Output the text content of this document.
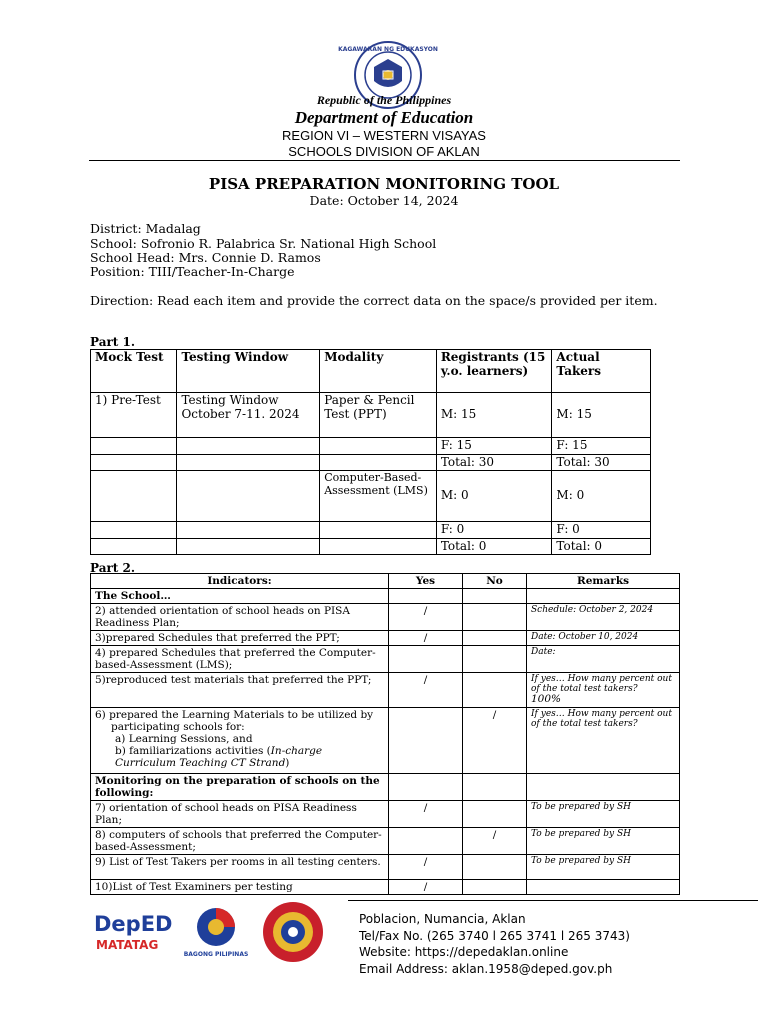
KAGAWARAN NG EDUKASYON
Republic of the Philippines
Department of Education
REGION VI – WESTERN VISAYAS
SCHOOLS DIVISION OF AKLAN
PISA PREPARATION MONITORING TOOL
Date: October 14, 2024
District: Madalag
School: Sofronio R. Palabrica Sr. National High School
School Head: Mrs. Connie D. Ramos
Position: TIII/Teacher-In-Charge
Direction: Read each item and provide the correct data on the space/s provided per item.
Part 1.
Mock Test	Testing Window	Modality	Registrants (15 y.o. learners)	Actual Takers
1) Pre-Test	Testing Window October 7-11. 2024	Paper & Pencil Test (PPT)	M: 15	M: 15
			F: 15	F: 15
			Total: 30	Total: 30
		Computer-Based-Assessment (LMS)	M: 0	M: 0
			F: 0	F: 0
			Total: 0	Total: 0
Part 2.
Indicators:	Yes	No	Remarks
The School…			
2) attended orientation of school heads on PISA Readiness Plan;	/		Schedule: October 2, 2024
3)prepared Schedules that preferred the PPT;	/		Date: October 10, 2024
4) prepared Schedules that preferred the Computer-based-Assessment (LMS);			Date:
5)reproduced test materials that preferred the PPT;	/		If yes… How many percent out of the total test takers?
100%

6) prepared the Learning Materials to be utilized by participating schools for:
a) Learning Sessions, and
b) familiarizations activities (In-charge Curriculum Teaching CT Strand)		/	If yes… How many percent out of the total test takers?
Monitoring on the preparation of schools on the following:			
7) orientation of school heads on PISA Readiness Plan;	/		To be prepared by SH
8) computers of schools that preferred the Computer-based-Assessment;		/	To be prepared by SH
9) List of Test Takers per rooms in all testing centers.	/		To be prepared by SH
10)List of Test Examiners per testing	/		
DepED
MATATAG
BAGONG PILIPINAS
Poblacion, Numancia, Aklan
Tel/Fax No. (265 3740 l 265 3741 l 265 3743)
Website: https://depedaklan.online
Email Address: aklan.1958@deped.gov.ph
